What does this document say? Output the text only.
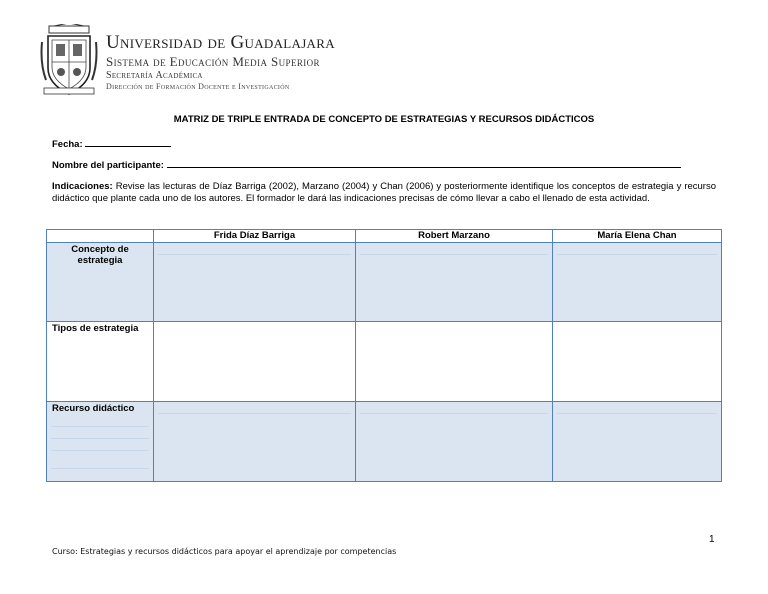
Universidad de Guadalajara
Sistema de Educación Media Superior
Secretaría Académica
Dirección de Formación Docente e Investigación
MATRIZ DE TRIPLE ENTRADA DE CONCEPTO DE ESTRATEGIAS Y RECURSOS DIDÁCTICOS
Fecha:
Nombre del participante:
Indicaciones: Revise las lecturas de Díaz Barriga (2002), Marzano (2004) y Chan (2006) y posteriormente identifique los conceptos de estrategia y recurso didáctico que plante cada uno de los autores. El formador le dará las indicaciones precisas de cómo llevar a cabo el llenado de esta actividad.
	Frida Díaz Barriga	Robert Marzano	María Elena Chan
Concepto de estrategia	

Tipos de estrategia			
Recurso didáctico

1
Curso: Estrategias y recursos didácticos para apoyar el aprendizaje por competencias
